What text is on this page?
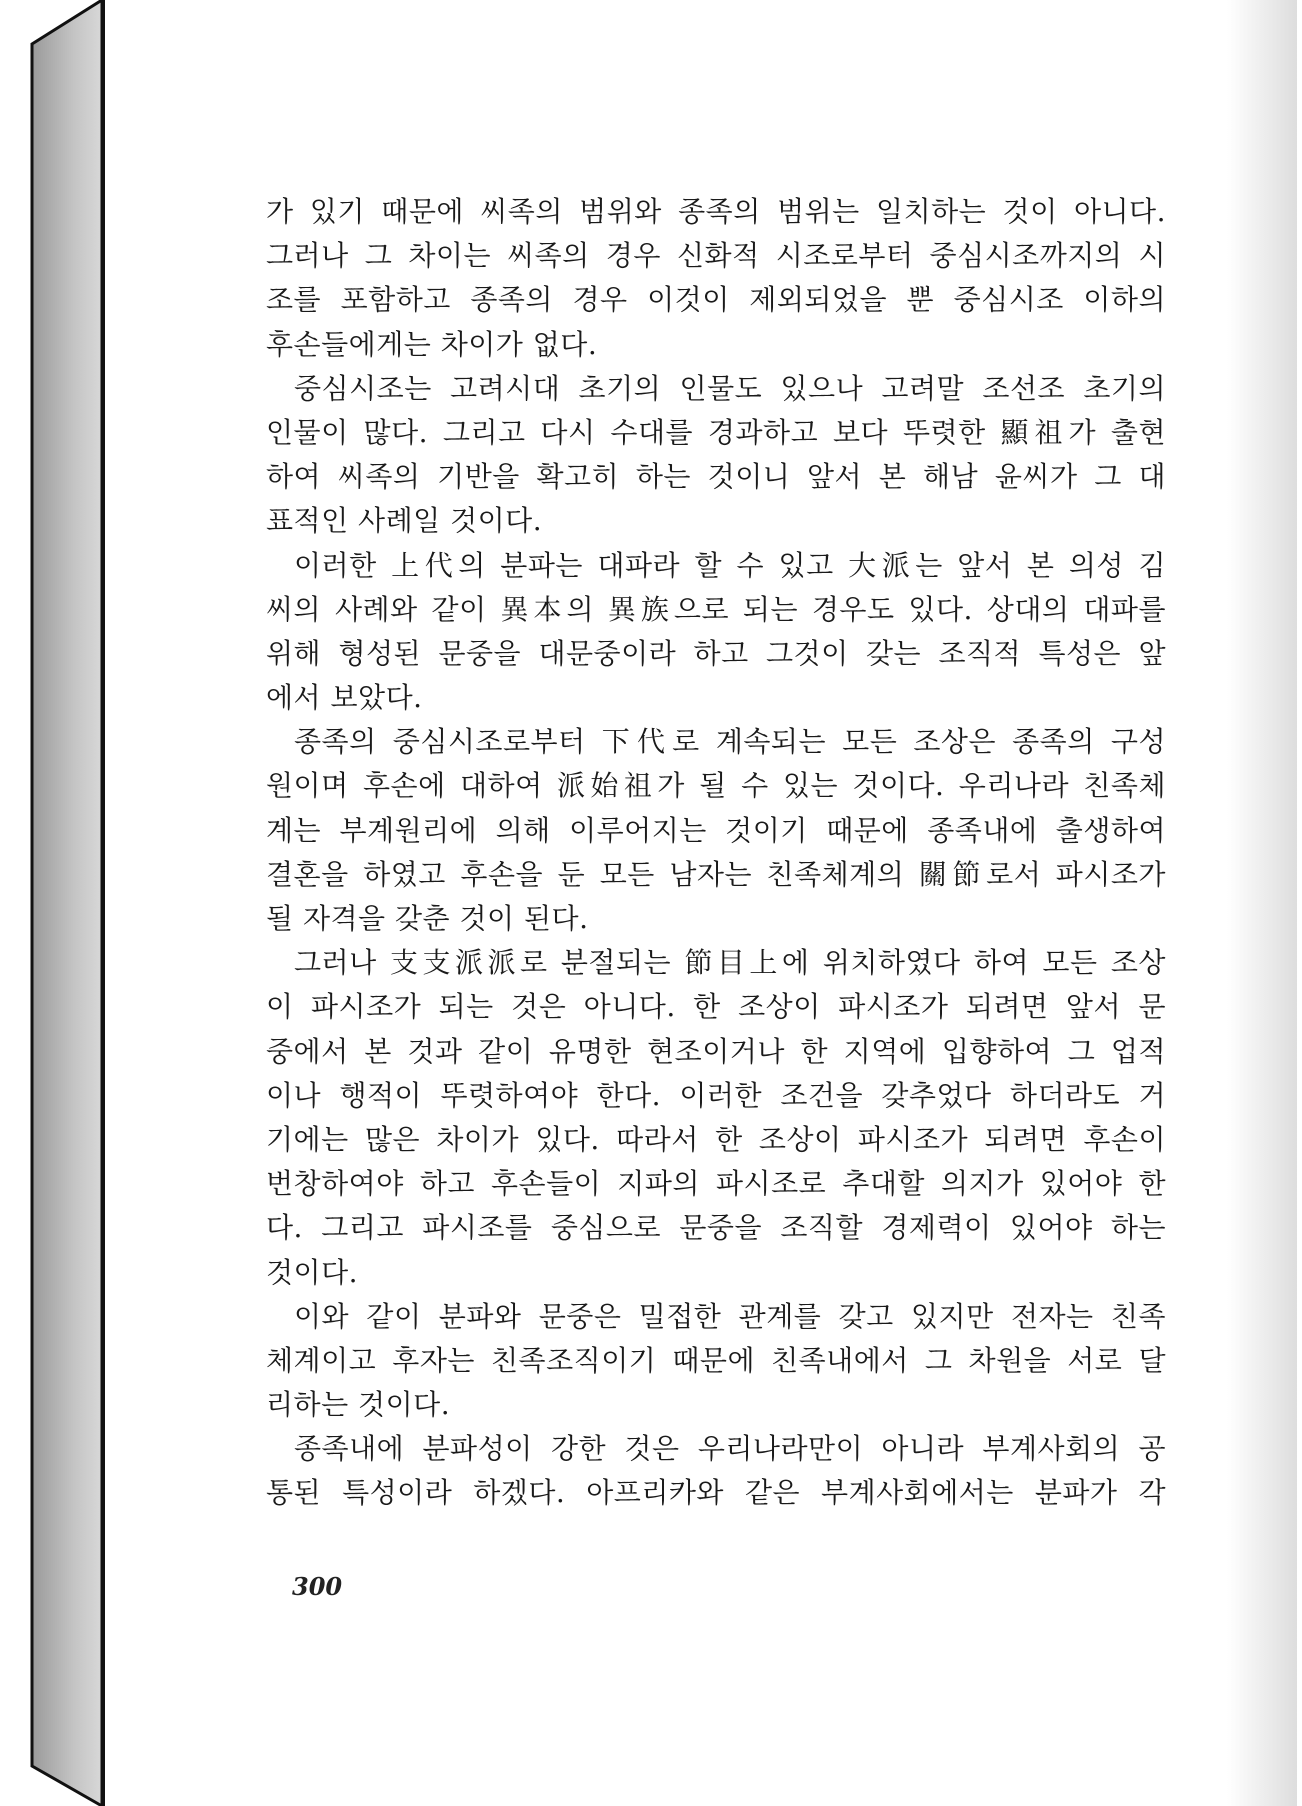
가 있기 때문에 씨족의 범위와 종족의 범위는 일치하는 것이 아니다.
그러나 그 차이는 씨족의 경우 신화적 시조로부터 중심시조까지의 시
조를 포함하고 종족의 경우 이것이 제외되었을 뿐 중심시조 이하의
후손들에게는 차이가 없다.
중심시조는 고려시대 초기의 인물도 있으나 고려말 조선조 초기의
인물이 많다. 그리고 다시 수대를 경과하고 보다 뚜렷한 顯祖가 출현
하여 씨족의 기반을 확고히 하는 것이니 앞서 본 해남 윤씨가 그 대
표적인 사례일 것이다.
이러한 上代의 분파는 대파라 할 수 있고 大派는 앞서 본 의성 김
씨의 사례와 같이 異本의 異族으로 되는 경우도 있다. 상대의 대파를
위해 형성된 문중을 대문중이라 하고 그것이 갖는 조직적 특성은 앞
에서 보았다.
종족의 중심시조로부터 下代로 계속되는 모든 조상은 종족의 구성
원이며 후손에 대하여 派始祖가 될 수 있는 것이다. 우리나라 친족체
계는 부계원리에 의해 이루어지는 것이기 때문에 종족내에 출생하여
결혼을 하였고 후손을 둔 모든 남자는 친족체계의 關節로서 파시조가
될 자격을 갖춘 것이 된다.
그러나 支支派派로 분절되는 節目上에 위치하였다 하여 모든 조상
이 파시조가 되는 것은 아니다. 한 조상이 파시조가 되려면 앞서 문
중에서 본 것과 같이 유명한 현조이거나 한 지역에 입향하여 그 업적
이나 행적이 뚜렷하여야 한다. 이러한 조건을 갖추었다 하더라도 거
기에는 많은 차이가 있다. 따라서 한 조상이 파시조가 되려면 후손이
번창하여야 하고 후손들이 지파의 파시조로 추대할 의지가 있어야 한
다. 그리고 파시조를 중심으로 문중을 조직할 경제력이 있어야 하는
것이다.
이와 같이 분파와 문중은 밀접한 관계를 갖고 있지만 전자는 친족
체계이고 후자는 친족조직이기 때문에 친족내에서 그 차원을 서로 달
리하는 것이다.
종족내에 분파성이 강한 것은 우리나라만이 아니라 부계사회의 공
통된 특성이라 하겠다. 아프리카와 같은 부계사회에서는 분파가 각
300
